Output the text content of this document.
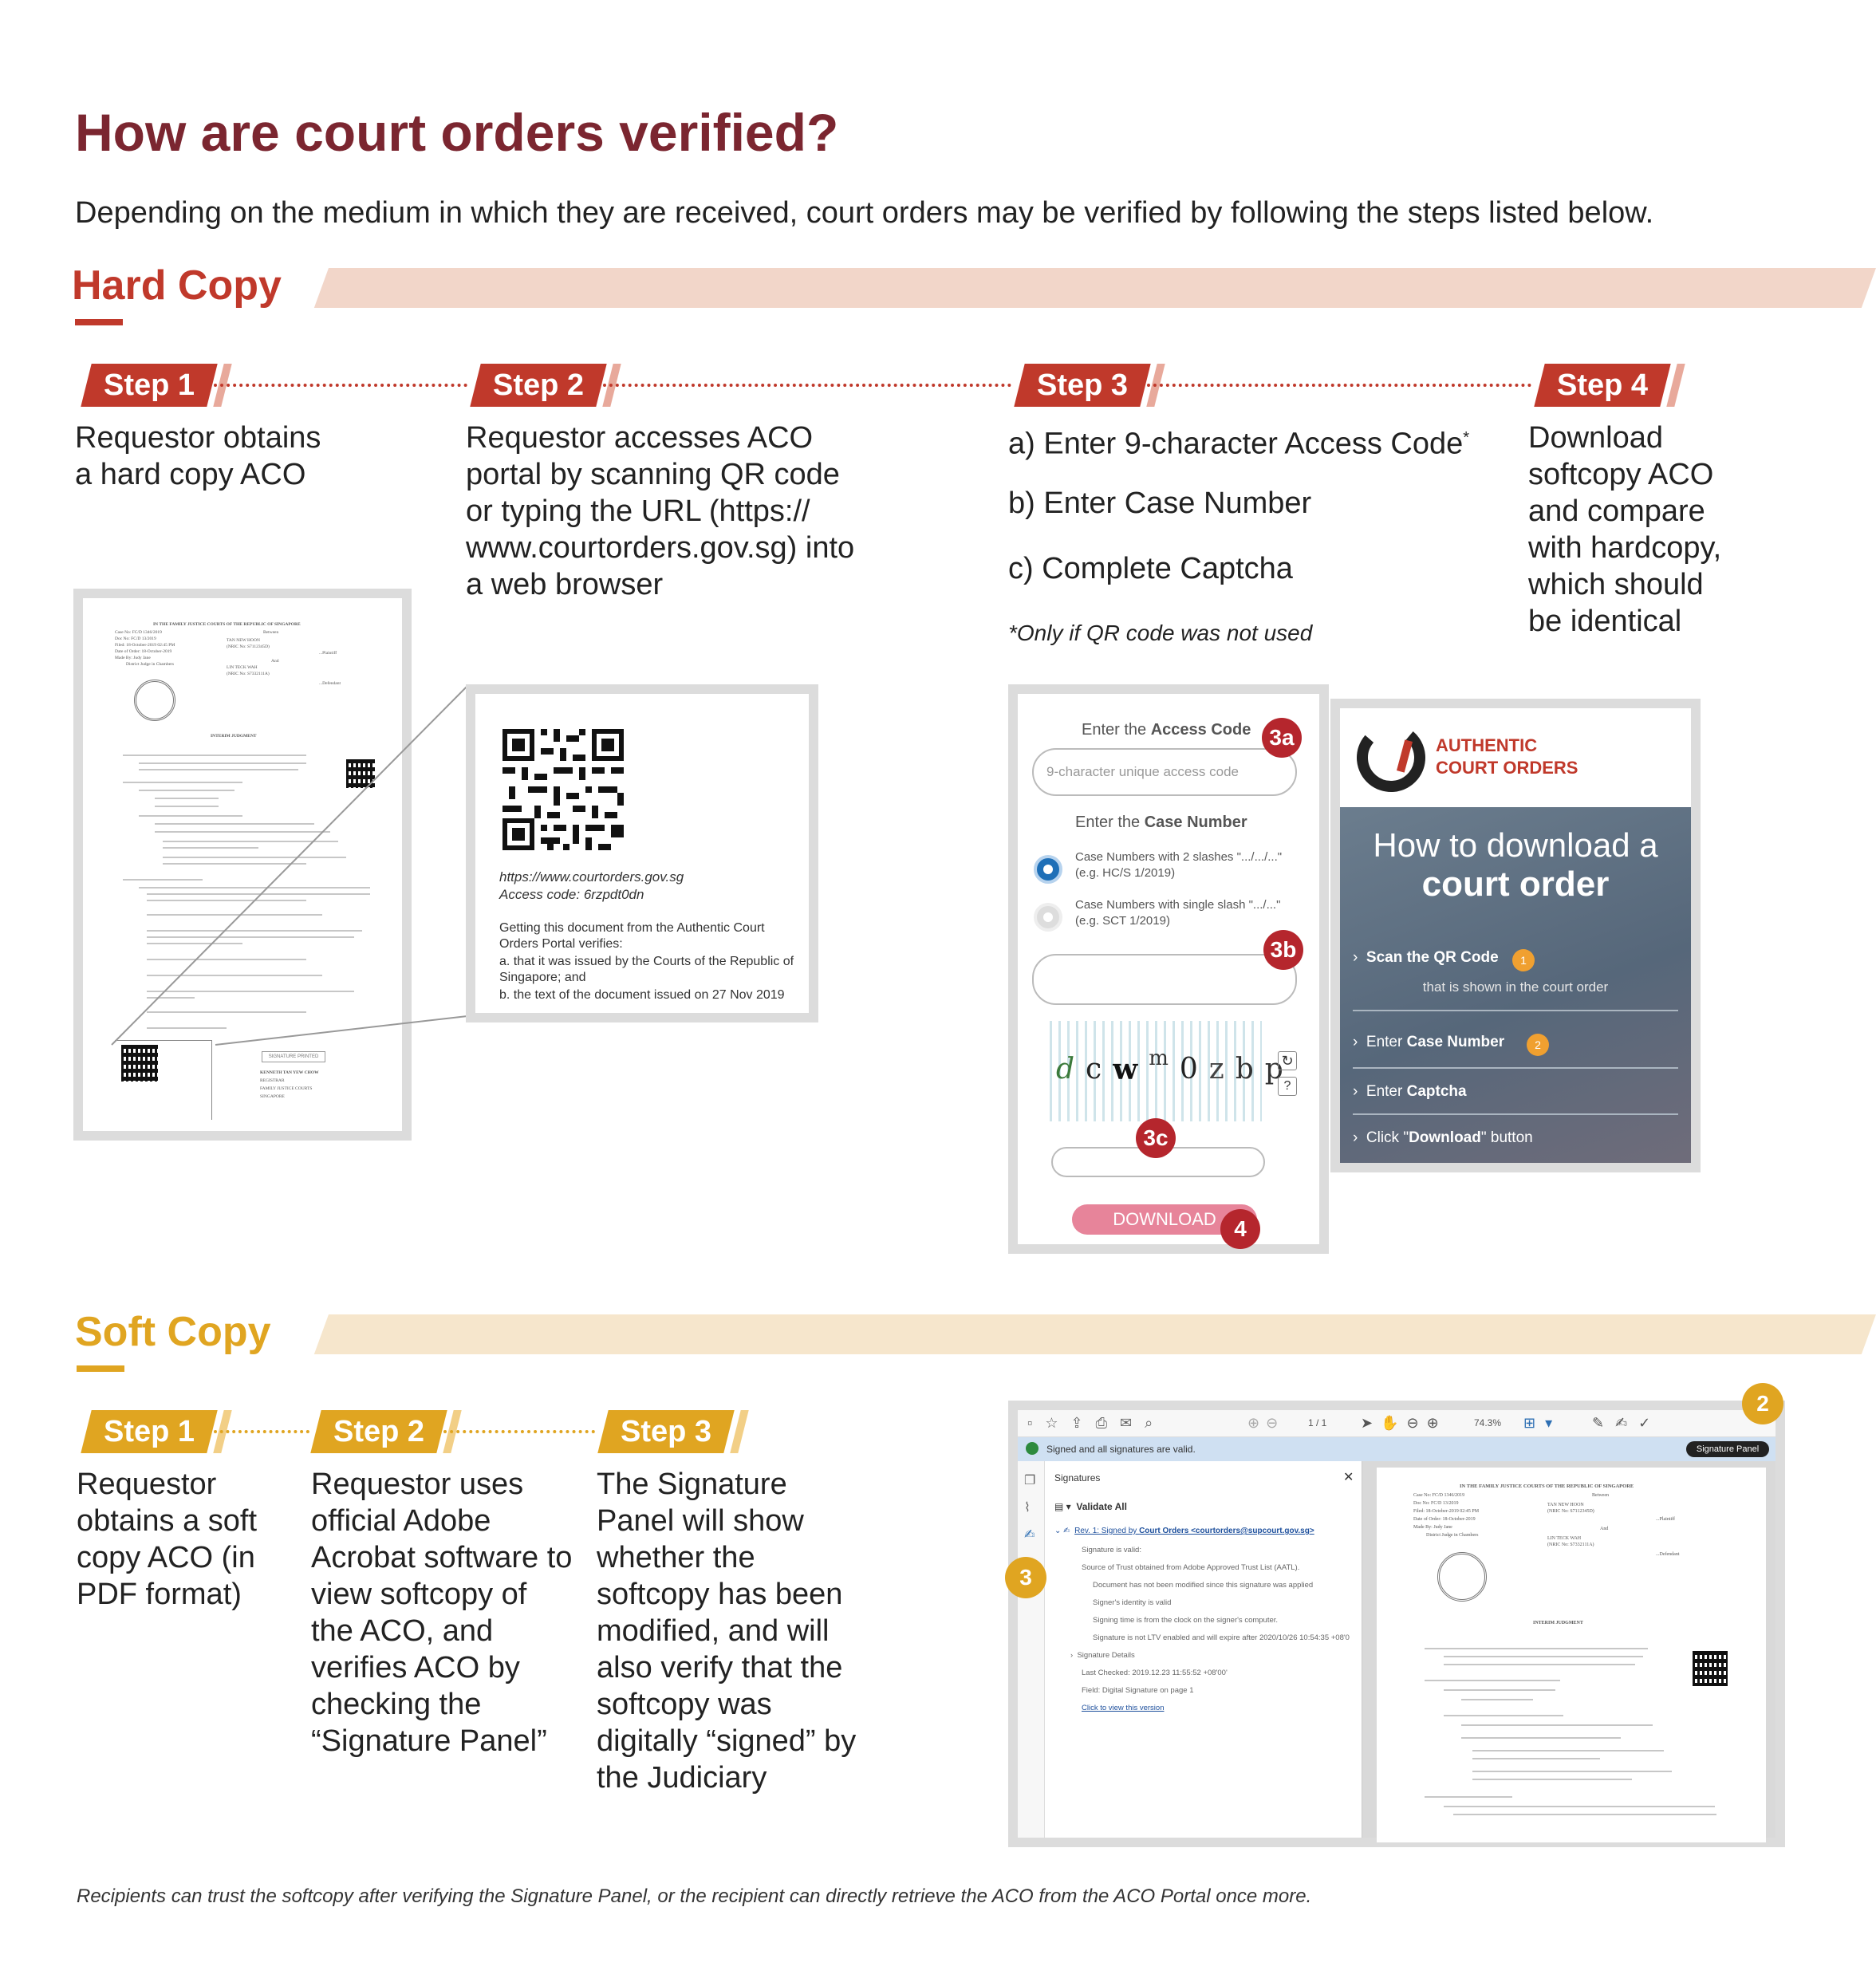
How are court orders verified?
Depending on the medium in which they are received, court orders may be verified by following the steps listed below.
Hard Copy
Step 1	Step 2	Step 3	Step 4
Requestor obtains a hard copy ACO
Requestor accesses ACO portal by scanning QR code or typing the URL (https:// www.courtorders.gov.sg) into a web browser
a) Enter 9-character Access Code*
b) Enter Case Number
c) Complete Captcha
*Only if QR code was not used
Download softcopy ACO and compare with hardcopy, which should be identical
IN THE FAMILY JUSTICE COURTS OF THE REPUBLIC OF SINGAPORE
Case No: FC/D 1346/2019	Between
Doc No: FC/D 13/2019	TAN NEW HOON
Filed: 18-October-2019 02:45 PM	(NRIC No: S7112345D)
Date of Order: 18-October-2019	...Plaintiff
Made By: Judy Jane
And
District Judge in Chambers
LIN TECK WAH
(NRIC No: S7332111A)
...Defendant
INTERIM JUDGMENT
SIGNATURE PRINTED
KENNETH TAN YEW CHOW
REGISTRAR
FAMILY JUSTICE COURTS
SINGAPORE
https://www.courtorders.gov.sg
Access code: 6rzpdt0dn
Getting this document from the Authentic Court Orders Portal verifies:
a. that it was issued by the Courts of the Republic of Singapore; and
b. the text of the document issued on 27 Nov 2019
Enter the Access Code
9-character unique access code
3a
Enter the Case Number
Case Numbers with 2 slashes ".../.../..."
(e.g. HC/S 1/2019)
Case Numbers with single slash ".../..."
(e.g. SCT 1/2019)
3b
d c w m 0 z b p
↻
?
3c
DOWNLOAD 4
AUTHENTIC
COURT ORDERS
How to download a
court order
›  Scan the QR Code	1
that is shown in the court order
›  Enter Case Number	2
›  Enter Captcha
›  Click "Download" button
Soft Copy
Step 1	Step 2	Step 3
Requestor obtains a soft copy ACO (in PDF format)
Requestor uses official Adobe Acrobat software to view softcopy of the ACO, and verifies ACO by checking the “Signature Panel”
The Signature Panel will show whether the softcopy has been modified, and will also verify that the softcopy was digitally “signed” by the Judiciary
▫☆⇪⎙✉⌕	⊕⊖ 1 / 1 ➤✋⊖⊕	74.3% ⊞▾ ✎✍✓
Signed and all signatures are valid.	Signature Panel
❐
⌇
✍
Signatures	✕
▤ ▾  Validate All
⌄ ✍  Rev. 1: Signed by Court Orders <courtorders@supcourt.gov.sg>
Signature is valid:
Source of Trust obtained from Adobe Approved Trust List (AATL).
Document has not been modified since this signature was applied
Signer's identity is valid
Signing time is from the clock on the signer's computer.
Signature is not LTV enabled and will expire after 2020/10/26 10:54:35 +08'0
›  Signature Details
Last Checked: 2019.12.23 11:55:52 +08'00'
Field: Digital Signature on page 1
Click to view this version
IN THE FAMILY JUSTICE COURTS OF THE REPUBLIC OF SINGAPORE
Case No: FC/D 1346/2019	Between
Doc No: FC/D 13/2019	TAN NEW HOON
Filed: 18-October-2019 02:45 PM	(NRIC No: S7112345D)
Date of Order: 18-October-2019	...Plaintiff
Made By: Judy Jane	And
District Judge in Chambers
LIN TECK WAH
(NRIC No: S7332111A)
...Defendant
INTERIM JUDGMENT
2
3
Recipients can trust the softcopy after verifying the Signature Panel, or the recipient can directly retrieve the ACO from the ACO Portal once more.
